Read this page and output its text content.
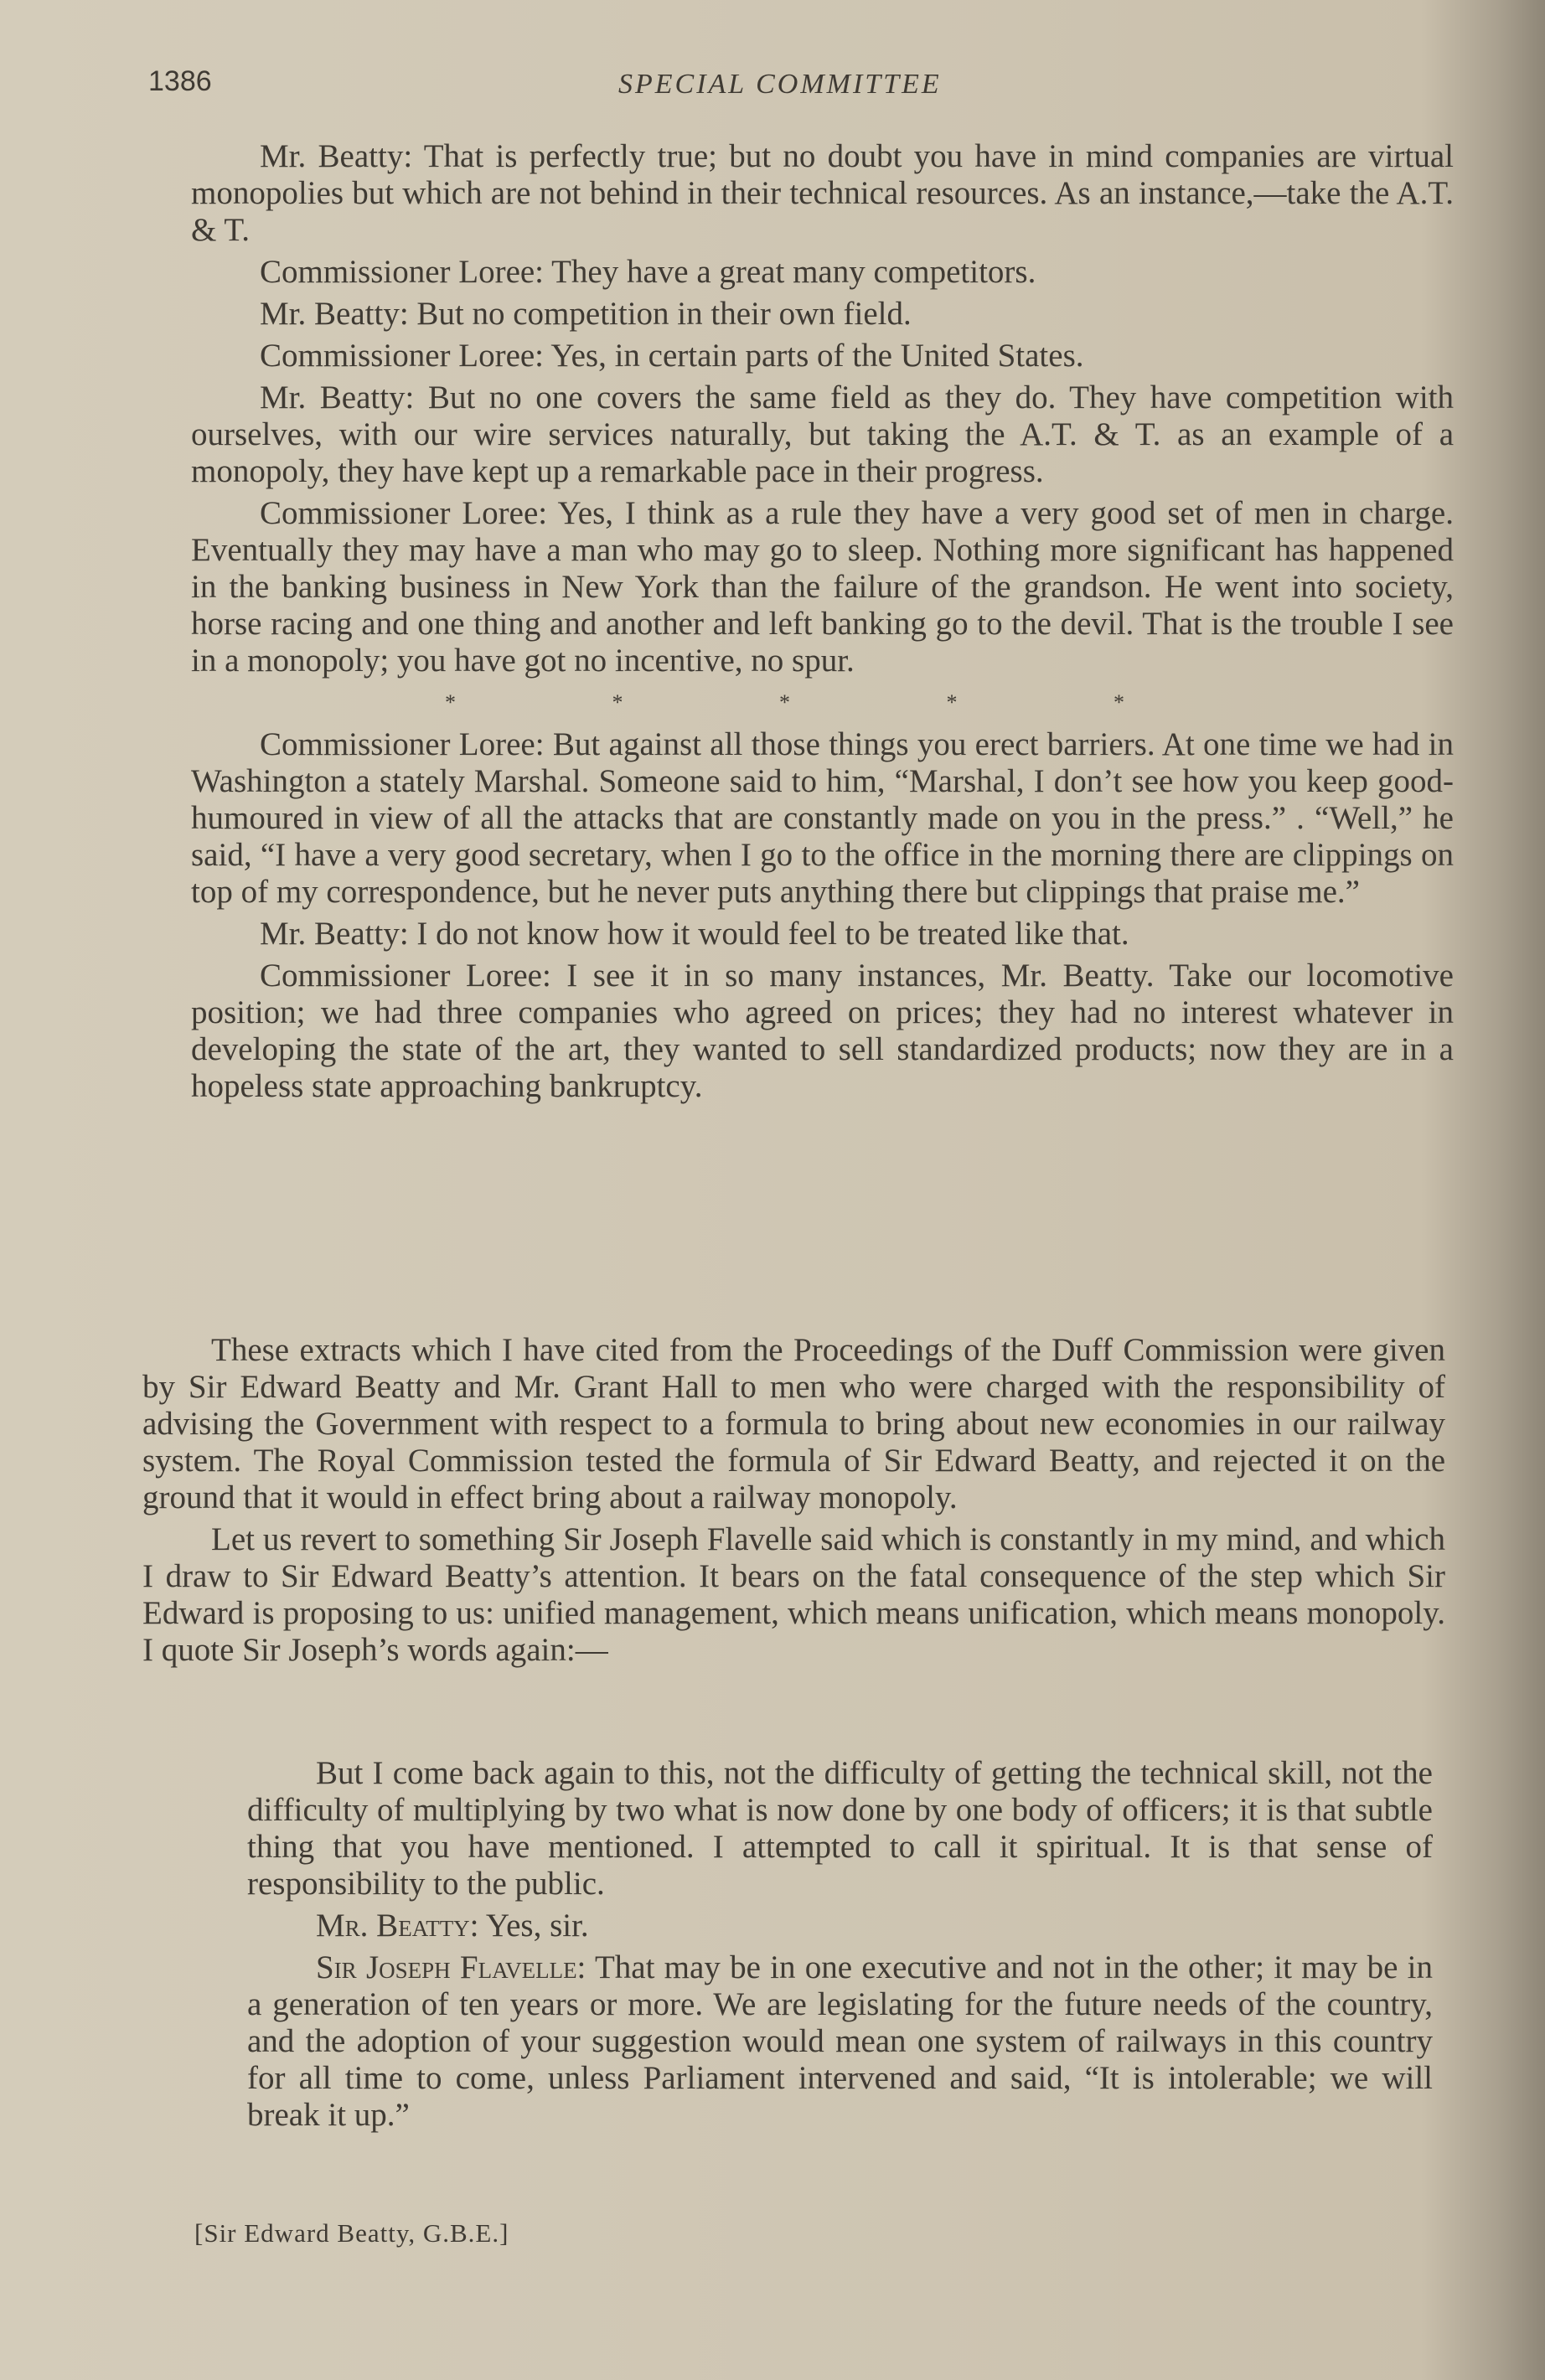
1386	SPECIAL COMMITTEE

Mr. Beatty: That is perfectly true; but no doubt you have in mind companies are virtual monopolies but which are not behind in their technical resources. As an instance,—take the A.T. & T.

Commissioner Loree: They have a great many competitors.

Mr. Beatty: But no competition in their own field.

Commissioner Loree: Yes, in certain parts of the United States.

Mr. Beatty: But no one covers the same field as they do. They have competition with ourselves, with our wire services naturally, but taking the A.T. & T. as an example of a monopoly, they have kept up a remarkable pace in their progress.

Commissioner Loree: Yes, I think as a rule they have a very good set of men in charge. Eventually they may have a man who may go to sleep. Nothing more significant has happened in the banking business in New York than the failure of the grandson. He went into society, horse racing and one thing and another and left banking go to the devil. That is the trouble I see in a monopoly; you have got no incentive, no spur.

* * * * *

Commissioner Loree: But against all those things you erect barriers. At one time we had in Washington a stately Marshal. Someone said to him, “Marshal, I don’t see how you keep good-humoured in view of all the attacks that are constantly made on you in the press.” . “Well,” he said, “I have a very good secretary, when I go to the office in the morning there are clippings on top of my correspondence, but he never puts anything there but clippings that praise me.”

Mr. Beatty: I do not know how it would feel to be treated like that.

Commissioner Loree: I see it in so many instances, Mr. Beatty. Take our locomotive position; we had three companies who agreed on prices; they had no interest whatever in developing the state of the art, they wanted to sell standardized products; now they are in a hopeless state approaching bankruptcy.

These extracts which I have cited from the Proceedings of the Duff Commission were given by Sir Edward Beatty and Mr. Grant Hall to men who were charged with the responsibility of advising the Government with respect to a formula to bring about new economies in our railway system. The Royal Commission tested the formula of Sir Edward Beatty, and rejected it on the ground that it would in effect bring about a railway monopoly.

Let us revert to something Sir Joseph Flavelle said which is constantly in my mind, and which I draw to Sir Edward Beatty’s attention. It bears on the fatal consequence of the step which Sir Edward is proposing to us: unified management, which means unification, which means monopoly. I quote Sir Joseph’s words again:—

But I come back again to this, not the difficulty of getting the technical skill, not the difficulty of multiplying by two what is now done by one body of officers; it is that subtle thing that you have mentioned. I attempted to call it spiritual. It is that sense of responsibility to the public.

Mr. Beatty: Yes, sir.

Sir Joseph Flavelle: That may be in one executive and not in the other; it may be in a generation of ten years or more. We are legislating for the future needs of the country, and the adoption of your suggestion would mean one system of railways in this country for all time to come, unless Parliament intervened and said, “It is intolerable; we will break it up.”

[Sir Edward Beatty, G.B.E.]
